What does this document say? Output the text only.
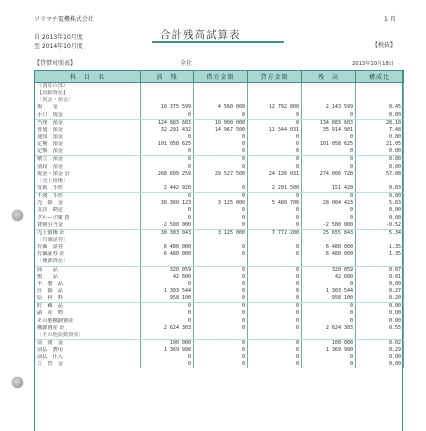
ソリマチ電機株式会社	1 頁
自 2013年10月度
至 2014年10月度
合計残高試算表
【税抜】
【貸借対照表】	全社	2013年10月18日
科　目　名	前　残	借方金額	貸方金額	残　高	構成比
《資産の部》					
【流動資産】					
〔現金・預金〕					
現　　金	10 375 599	4 560 000	12 792 000	2 143 599	0.45
小口　現金	0	0	0	0	0.00
当座　預金	124 883 603	10 000 000	0	134 883 603	28.10
普通　預金	32 291 432	14 967 500	11 344 031	35 914 901	7.48
通知　預金	0	0	0	0	0.00
定期　預金	101 058 625	0	0	101 058 625	21.05
定額　預金	0	0	0	0	0.00
積立　預金	0	0	0	0	0.00
別段　預金	0	0	0	0	0.00
現金・預金 計	268 609 259	29 527 500	24 136 031	274 000 728	57.08
〔売上債権〕					
受取　手形	2 442 920	0	2 291 500	151 420	0.03
不渡　手形	0	0	0	0	0.00
売　掛　金	30 360 123	3 125 000	5 480 700	28 004 423	5.83
支店　勘定	0	0	0	0	0.00
グループ間 貸	0	0	0	0	0.00
貸倒引当金	-2 500 000	0	0	-2 500 000	-0.52
売上債権 計	30 303 043	3 125 000	7 772 200	25 655 843	5.34
〔有価証券〕					
有価　証券	6 480 000	0	0	6 480 000	1.35
有価証券 計	6 480 000	0	0	6 480 000	1.35
〔棚卸資産〕					
商　　品	320 059	0	0	320 059	0.07
製　　品	42 600	0	0	42 600	0.01
半　製　品	0	0	0	0	0.00
仕　掛　品	1 303 544	0	0	1 303 544	0.27
原　材　料	958 100	0	0	958 100	0.20
貯　蔵　品	0	0	0	0	0.00
副　産　物	0	0	0	0	0.00
その他棚卸資産	0	0	0	0	0.00
棚卸資産 計	2 624 303	0	0	2 624 303	0.55
〔その他流動資産〕					
前　渡　金	100 000	0	0	100 000	0.02
前払　費用	1 369 990	0	0	1 369 990	0.29
前払　仕入	0	0	0	0	0.00
立　替　金	0	0	0	0	0.00
